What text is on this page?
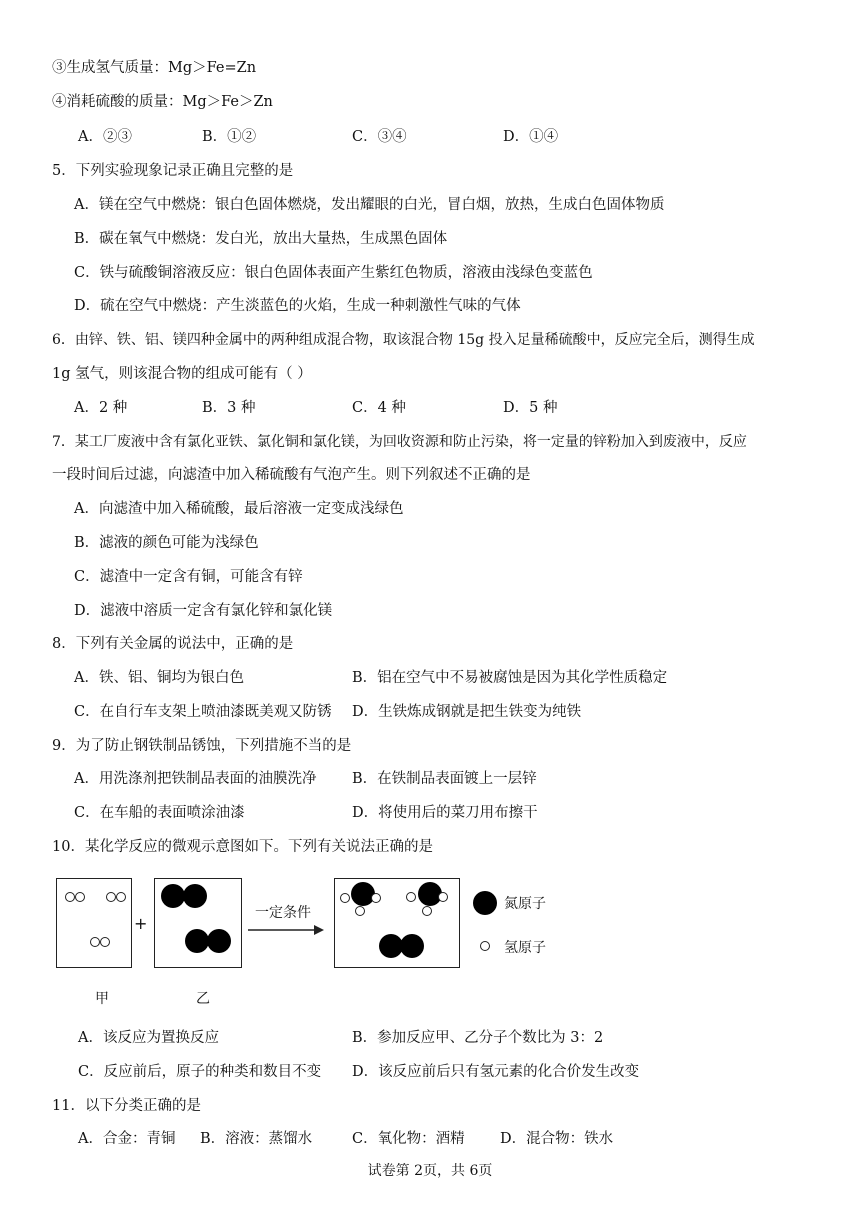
③生成氢气质量：Mg＞Fe=Zn
④消耗硫酸的质量：Mg＞Fe＞Zn
A．②③	B．①②	C．③④	D．①④
5．下列实验现象记录正确且完整的是
A．镁在空气中燃烧：银白色固体燃烧，发出耀眼的白光，冒白烟，放热，生成白色固体物质
B．碳在氧气中燃烧：发白光，放出大量热，生成黑色固体
C．铁与硫酸铜溶液反应：银白色固体表面产生紫红色物质，溶液由浅绿色变蓝色
D．硫在空气中燃烧：产生淡蓝色的火焰，生成一种刺激性气味的气体
6．由锌、铁、铝、镁四种金属中的两种组成混合物，取该混合物 15g 投入足量稀硫酸中，反应完全后，测得生成
1g 氢气，则该混合物的组成可能有（ ）
A．2 种	B．3 种	C．4 种	D．5 种
7．某工厂废液中含有氯化亚铁、氯化铜和氯化镁，为回收资源和防止污染，将一定量的锌粉加入到废液中，反应
一段时间后过滤，向滤渣中加入稀硫酸有气泡产生。则下列叙述不正确的是
A．向滤渣中加入稀硫酸，最后溶液一定变成浅绿色
B．滤液的颜色可能为浅绿色
C．滤渣中一定含有铜，可能含有锌
D．滤液中溶质一定含有氯化锌和氯化镁
8．下列有关金属的说法中，正确的是
A．铁、铝、铜均为银白色	B．铝在空气中不易被腐蚀是因为其化学性质稳定
C．在自行车支架上喷油漆既美观又防锈 D．生铁炼成钢就是把生铁变为纯铁
9．为了防止钢铁制品锈蚀，下列措施不当的是
A．用洗涤剂把铁制品表面的油膜洗净 B．在铁制品表面镀上一层锌
C．在车船的表面喷涂油漆	D．将使用后的菜刀用布擦干
10．某化学反应的微观示意图如下。下列有关说法正确的是
+
一定条件
氮原子
氢原子
甲	乙
A．该反应为置换反应	B．参加反应甲、乙分子个数比为 3：2
C．反应前后，原子的种类和数目不变 D．该反应前后只有氢元素的化合价发生改变
11．以下分类正确的是
A．合金：青铜 B．溶液：蒸馏水	C．氧化物：酒精 D．混合物：铁水
试卷第 2页，共 6页
